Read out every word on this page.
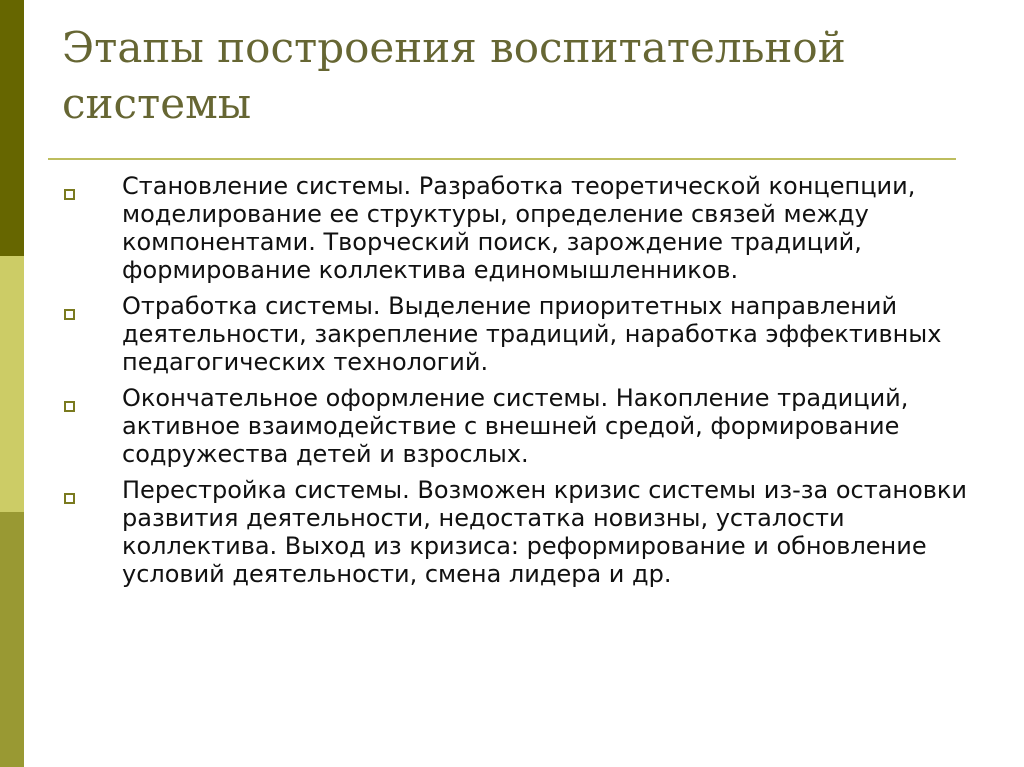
Этапы построения воспитательной системы
Становление системы. Разработка теоретической концепции, моделирование ее структуры, определение связей между компонентами. Творческий поиск, зарождение традиций, формирование коллектива единомышленников.
Отработка системы. Выделение приоритетных направлений деятельности, закрепление традиций, наработка эффективных педагогических технологий.
Окончательное оформление системы. Накопление традиций, активное взаимодействие с внешней средой, формирование содружества детей и взрослых.
Перестройка системы. Возможен кризис системы из-за остановки развития деятельности, недостатка новизны, усталости коллектива. Выход из кризиса: реформирование и обновление условий деятельности, смена лидера и др.
